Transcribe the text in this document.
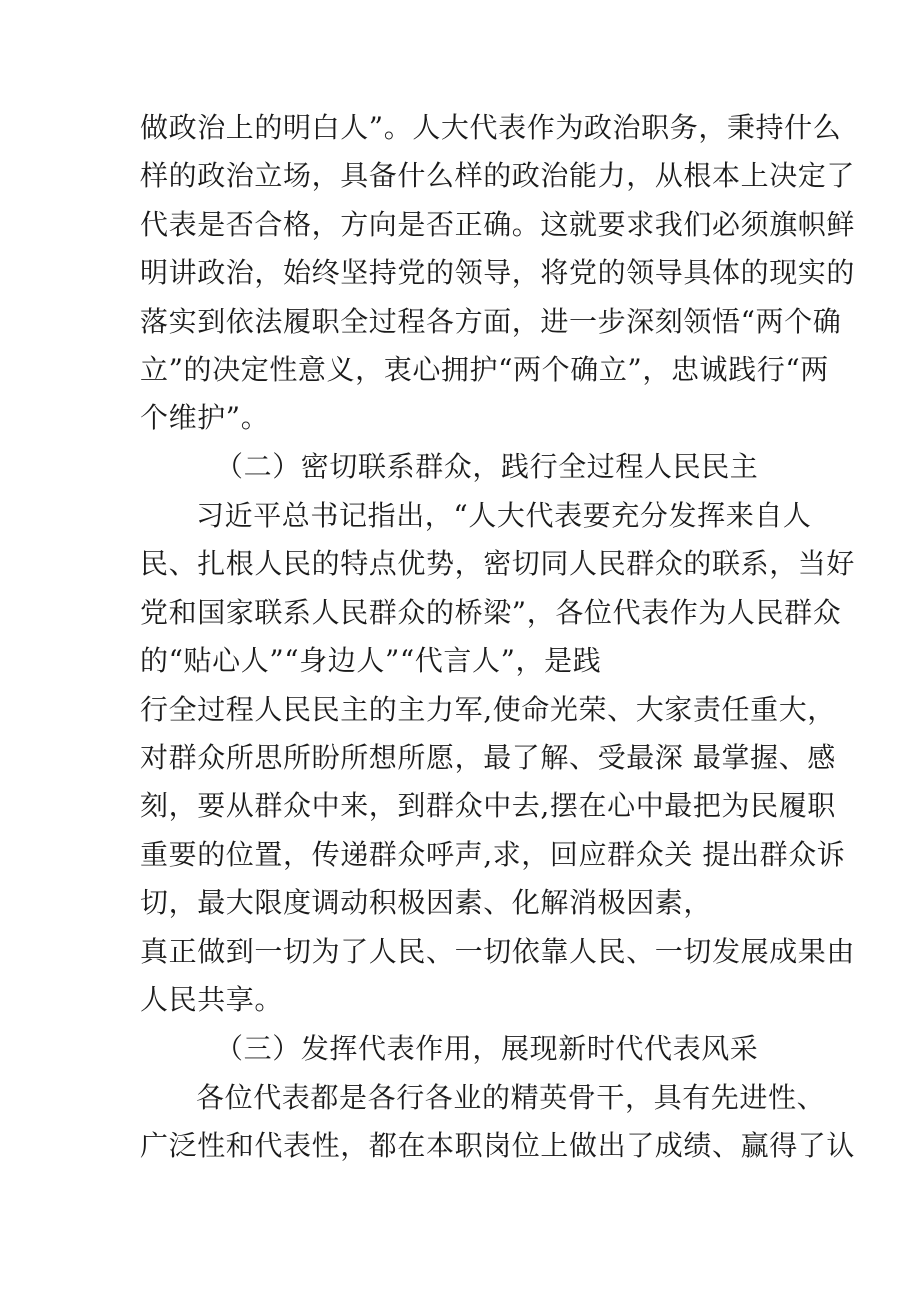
做政治上的明白人”。人大代表作为政治职务，秉持什么
样的政治立场，具备什么样的政治能力，从根本上决定了
代表是否合格，方向是否正确。这就要求我们必须旗帜鲜
明讲政治，始终坚持党的领导，将党的领导具体的现实的
落实到依法履职全过程各方面，进一步深刻领悟“两个确
立”的决定性意义，衷心拥护“两个确立”，忠诚践行“两
个维护”。
（二）密切联系群众，践行全过程人民民主
习近平总书记指出，“人大代表要充分发挥来自人
民、扎根人民的特点优势，密切同人民群众的联系，当好
党和国家联系人民群众的桥梁”，各位代表作为人民群众
的“贴心人”“身边人”“代言人”，是践
行全过程人民民主的主力军,使命光荣、大家责任重大，
对群众所思所盼所想所愿，最了解、受最深 最掌握、感
刻，要从群众中来，到群众中去,摆在心中最把为民履职
重要的位置，传递群众呼声,求，回应群众关 提出群众诉
切，最大限度调动积极因素、化解消极因素，
真正做到一切为了人民、一切依靠人民、一切发展成果由
人民共享。
（三）发挥代表作用，展现新时代代表风采
各位代表都是各行各业的精英骨干，具有先进性、
广泛性和代表性，都在本职岗位上做出了成绩、赢得了认
